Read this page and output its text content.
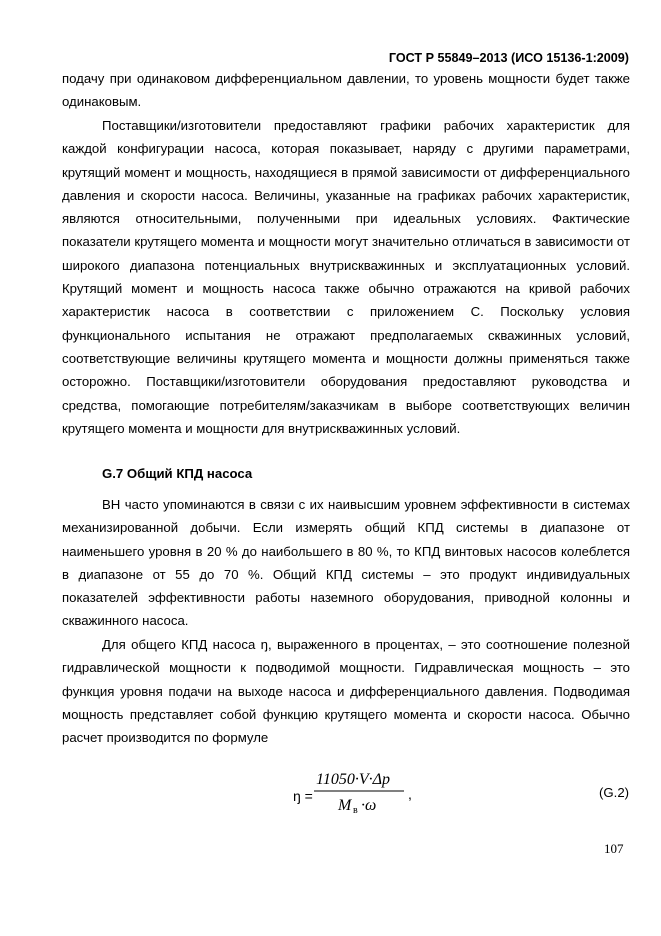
ГОСТ Р 55849–2013 (ИСО 15136-1:2009)

подачу при одинаковом дифференциальном давлении, то уровень мощности будет также одинаковым.

Поставщики/изготовители предоставляют графики рабочих характеристик для каждой конфигурации насоса, которая показывает, наряду с другими параметрами, крутящий момент и мощность, находящиеся в прямой зависимости от дифференциального давления и скорости насоса. Величины, указанные на графиках рабочих характеристик, являются относительными, полученными при идеальных условиях. Фактические показатели крутящего момента и мощности могут значительно отличаться в зависимости от широкого диапазона потенциальных внутрискважинных и эксплуатационных условий. Крутящий момент и мощность насоса также обычно отражаются на кривой рабочих характеристик насоса в соответствии с приложением С. Поскольку условия функционального испытания не отражают предполагаемых скважинных условий, соответствующие величины крутящего момента и мощности должны применяться также осторожно. Поставщики/изготовители оборудования предоставляют руководства и средства, помогающие потребителям/заказчикам в выборе соответствующих величин крутящего момента и мощности для внутрискважинных условий.

G.7 Общий КПД насоса

ВН часто упоминаются в связи с их наивысшим уровнем эффективности в системах механизированной добычи. Если измерять общий КПД системы в диапазоне от наименьшего уровня в 20 % до наибольшего в 80 %, то КПД винтовых насосов колеблется в диапазоне от 55 до 70 %. Общий КПД системы – это продукт индивидуальных показателей эффективности работы наземного оборудования, приводной колонны и скважинного насоса.

Для общего КПД насоса ŋ, выраженного в процентах, – это соотношение полезной гидравлической мощности к подводимой мощности. Гидравлическая мощность – это функция уровня подачи на выходе насоса и дифференциального давления. Подводимая мощность представляет собой функцию крутящего момента и скорости насоса. Обычно расчет производится по формуле

ŋ =
11050·V·Δp
M в ·ω
,	(G.2)
107
